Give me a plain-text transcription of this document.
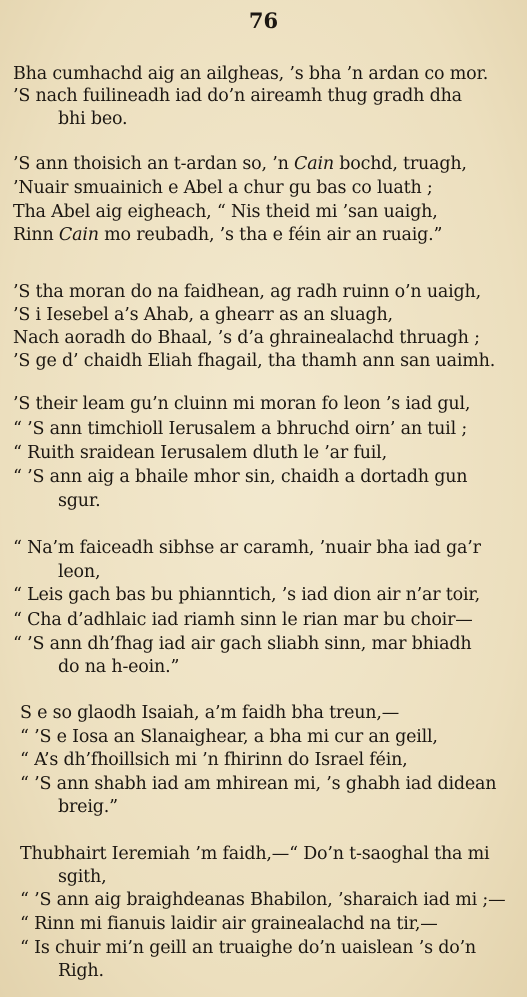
76
Bha cumhachd aig an ailgheas, ’s bha ’n ardan co mor.
’S nach fuilineadh iad do’n aireamh thug gradh dha
bhi beo.
’S ann thoisich an t-ardan so, ’n Cain bochd, truagh,
’Nuair smuainich e Abel a chur gu bas co luath ;
Tha Abel aig eigheach, “ Nis theid mi ’san uaigh,
Rinn Cain mo reubadh, ’s tha e féin air an ruaig.”
’S tha moran do na faidhean, ag radh ruinn o’n uaigh,
’S i Iesebel a’s Ahab, a ghearr as an sluagh,
Nach aoradh do Bhaal, ’s d’a ghrainealachd thruagh ;
’S ge d’ chaidh Eliah fhagail, tha thamh ann san uaimh.
’S their leam gu’n cluinn mi moran fo leon ’s iad gul,
“ ’S ann timchioll Ierusalem a bhruchd oirn’ an tuil ;
“ Ruith sraidean Ierusalem dluth le ’ar fuil,
“ ’S ann aig a bhaile mhor sin, chaidh a dortadh gun
sgur.
“ Na’m faiceadh sibhse ar caramh, ’nuair bha iad ga’r
leon,
“ Leis gach bas bu phianntich, ’s iad dion air n’ar toir,
“ Cha d’adhlaic iad riamh sinn le rian mar bu choir—
“ ’S ann dh’fhag iad air gach sliabh sinn, mar bhiadh
do na h-eoin.”
S e so glaodh Isaiah, a’m faidh bha treun,—
“ ’S e Iosa an Slanaighear, a bha mi cur an geill,
“ A’s dh’fhoillsich mi ’n fhirinn do Israel féin,
“ ’S ann shabh iad am mhirean mi, ’s ghabh iad didean
breig.”
Thubhairt Ieremiah ’m faidh,—“ Do’n t-saoghal tha mi
sgith,
“ ’S ann aig braighdeanas Bhabilon, ’sharaich iad mi ;—
“ Rinn mi fianuis laidir air grainealachd na tir,—
“ Is chuir mi’n geill an truaighe do’n uaislean ’s do’n
Righ.
